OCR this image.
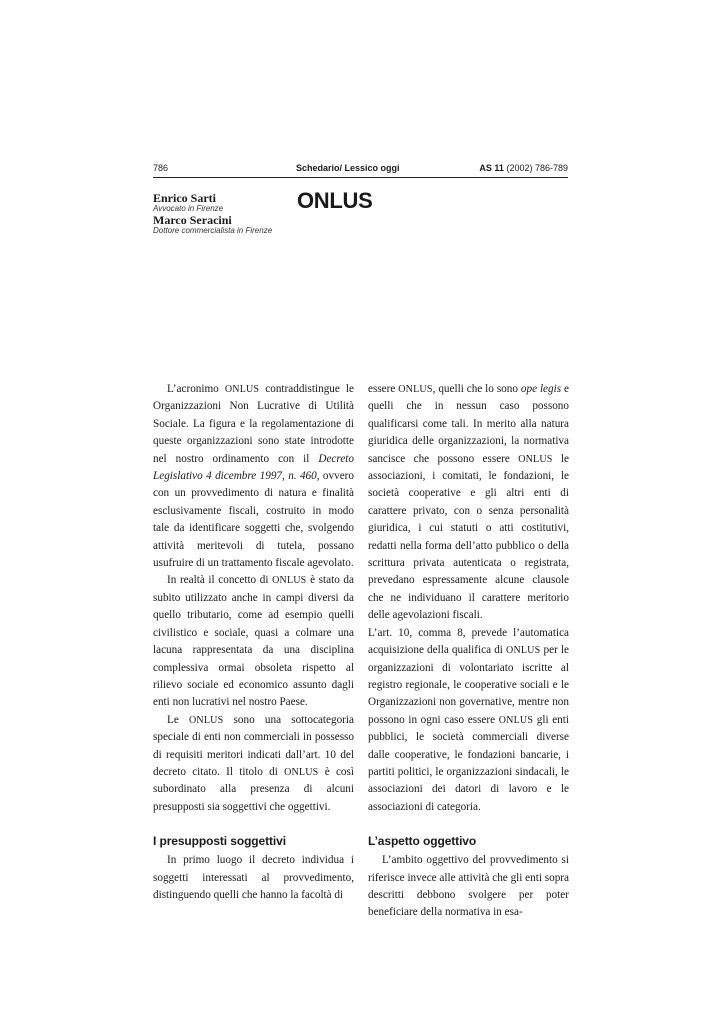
786	Schedario/ Lessico oggi	AS 11 (2002) 786-789
Enrico Sarti
Avvocato in Firenze
Marco Seracini
Dottore commercialista in Firenze
ONLUS

L’acronimo ONLUS contraddistingue le Organizzazioni Non Lucrative di Utilità Sociale. La figura e la regolamentazione di queste organizzazioni sono state introdotte nel nostro ordinamento con il Decreto Legislativo 4 dicembre 1997, n. 460, ovvero con un provvedimento di natura e finalità esclusivamente fiscali, costruito in modo tale da identificare soggetti che, svolgendo attività meritevoli di tutela, possano usufruire di un trattamento fiscale agevolato.

In realtà il concetto di ONLUS è stato da subito utilizzato anche in campi diversi da quello tributario, come ad esempio quelli civilistico e sociale, quasi a colmare una lacuna rappresentata da una disciplina complessiva ormai obsoleta rispetto al rilievo sociale ed economico assunto dagli enti non lucrativi nel nostro Paese.

Le ONLUS sono una sottocategoria speciale di enti non commerciali in possesso di requisiti meritori indicati dall’art. 10 del decreto citato. Il titolo di ONLUS è così subordinato alla presenza di alcuni presupposti sia soggettivi che oggettivi.

I presupposti soggettivi

In primo luogo il decreto individua i soggetti interessati al provvedimento, distinguendo quelli che hanno la facoltà di

essere ONLUS, quelli che lo sono ope legis e quelli che in nessun caso possono qualificarsi come tali. In merito alla natura giuridica delle organizzazioni, la normativa sancisce che possono essere ONLUS le associazioni, i comitati, le fondazioni, le società cooperative e gli altri enti di carattere privato, con o senza personalità giuridica, i cui statuti o atti costitutivi, redatti nella forma dell’atto pubblico o della scrittura privata autenticata o registrata, prevedano espressamente alcune clausole che ne individuano il carattere meritorio delle agevolazioni fiscali.

L’art. 10, comma 8, prevede l’automatica acquisizione della qualifica di ONLUS per le organizzazioni di volontariato iscritte al registro regionale, le cooperative sociali e le Organizzazioni non governative, mentre non possono in ogni caso essere ONLUS gli enti pubblici, le società commerciali diverse dalle cooperative, le fondazioni bancarie, i partiti politici, le organizzazioni sindacali, le associazioni dei datori di lavoro e le associazioni di categoria.

L’aspetto oggettivo

L’ambito oggettivo del provvedimento si riferisce invece alle attività che gli enti sopra descritti debbono svolgere per poter beneficiare della normativa in esa-
